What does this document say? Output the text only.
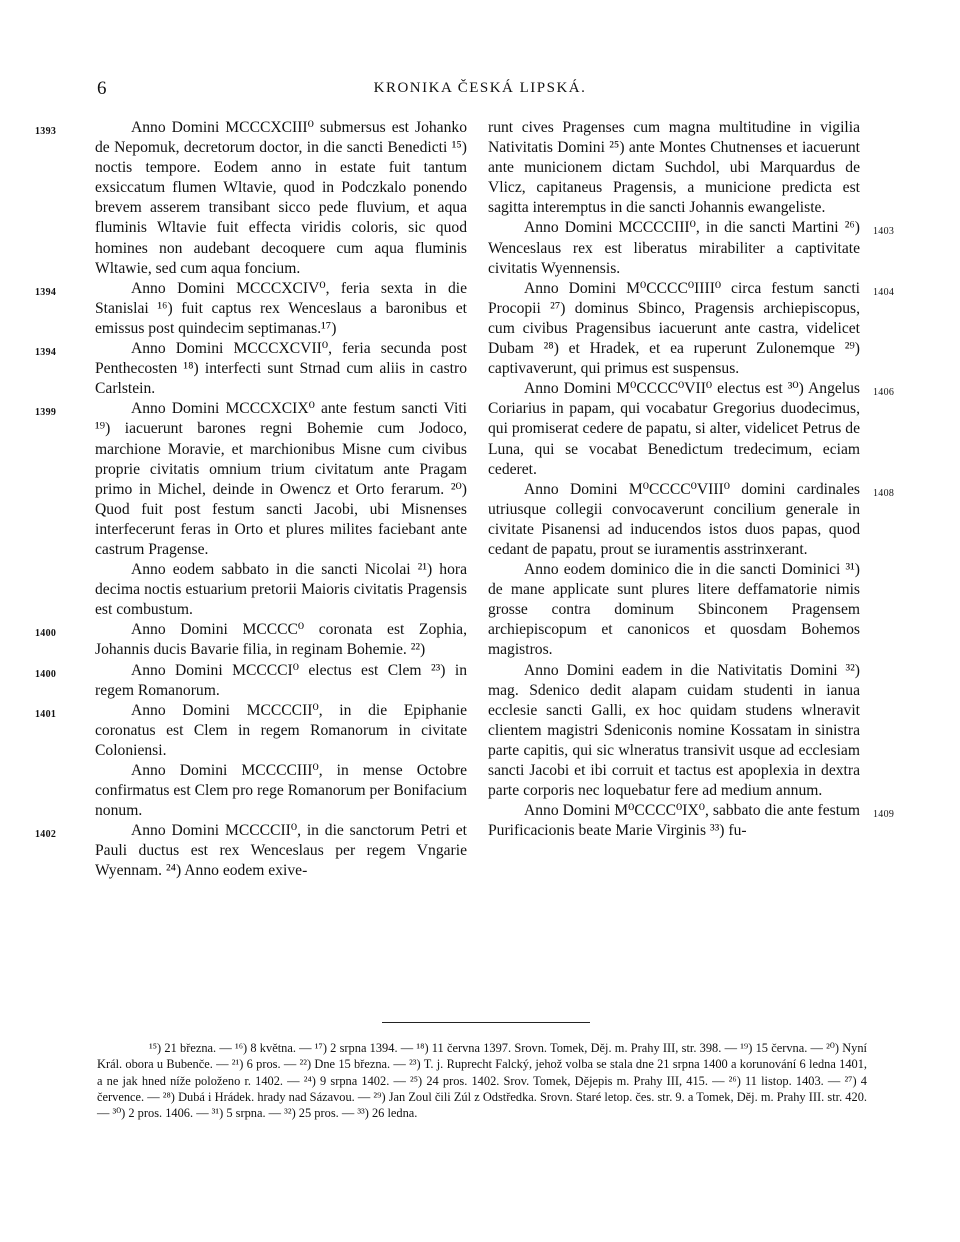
6	KRONIKA ČESKÁ LIPSKÁ.
1393	Anno Domini MCCCXCIII⁰ submersus est Johanko de Nepomuk, decretorum doctor, in die sancti Benedicti ¹⁵) noctis tempore. Eodem anno in estate fuit tantum exsiccatum flumen Wltavie, quod in Podczkalo ponendo brevem asserem transibant sicco pede fluvium, et aqua fluminis Wltavie fuit effecta viridis coloris, sic quod homines non audebant decoquere cum aqua fluminis Wltawie, sed cum aqua foncium.

1394	Anno Domini MCCCXCIV⁰, feria sexta in die Stanislai ¹⁶) fuit captus rex Wenceslaus a baronibus et emissus post quindecim septimanas.¹⁷)

1394	Anno Domini MCCCXCVII⁰, feria secunda post Penthecosten ¹⁸) interfecti sunt Strnad cum aliis in castro Carlstein.

1399	Anno Domini MCCCXCIX⁰ ante festum sancti Viti ¹⁹) iacuerunt barones regni Bohemie cum Jodoco, marchione Moravie, et marchionibus Misne cum civibus proprie civitatis omnium trium civitatum ante Pragam primo in Michel, deinde in Owencz et Orto ferarum. ²⁰) Quod fuit post festum sancti Jacobi, ubi Misnenses interfecerunt feras in Orto et plures milites faciebant ante castrum Pragense.

Anno eodem sabbato in die sancti Nicolai ²¹) hora decima noctis estuarium pretorii Maioris civitatis Pragensis est combustum.

1400	Anno Domini MCCCC⁰ coronata est Zophia, Johannis ducis Bavarie filia, in reginam Bohemie. ²²)

1400	Anno Domini MCCCCI⁰ electus est Clem ²³) in regem Romanorum.

1401	Anno Domini MCCCCII⁰, in die Epiphanie coronatus est Clem in regem Romanorum in civitate Coloniensi.

Anno Domini MCCCCIII⁰, in mense Octobre confirmatus est Clem pro rege Romanorum per Bonifacium nonum.

1402	Anno Domini MCCCCII⁰, in die sanctorum Petri et Pauli ductus est rex Wenceslaus per regem Vngarie Wyennam. ²⁴) Anno eodem exive-

runt cives Pragenses cum magna multitudine in vigilia Nativitatis Domini ²⁵) ante Montes Chutnenses et iacuerunt ante municionem dictam Suchdol, ubi Marquardus de Vlicz, capitaneus Pragensis, a municione predicta est sagitta interemptus in die sancti Johannis ewangeliste.

1403

Anno Domini MCCCCIII⁰, in die sancti Martini ²⁶) Wenceslaus rex est liberatus mirabiliter a captivitate civitatis Wyennensis.

1404

Anno Domini M⁰CCCC⁰IIII⁰ circa festum sancti Procopii ²⁷) dominus Sbinco, Pragensis archiepiscopus, cum civibus Pragensibus iacuerunt ante castra, videlicet Dubam ²⁸) et Hradek, et ea ruperunt Zulonemque ²⁹) captivaverunt, qui primus est suspensus.

1406

Anno Domini M⁰CCCC⁰VII⁰ electus est ³⁰) Angelus Coriarius in papam, qui vocabatur Gregorius duodecimus, qui promiserat cedere de papatu, si alter, videlicet Petrus de Luna, qui se vocabat Benedictum tredecimum, eciam cederet.

1408

Anno Domini M⁰CCCC⁰VIII⁰ domini cardinales utriusque collegii convocaverunt concilium generale in civitate Pisanensi ad inducendos istos duos papas, quod cedant de papatu, prout se iuramentis asstrinxerant.

Anno eodem dominico die in die sancti Dominici ³¹) de mane applicate sunt plures litere deffamatorie nimis grosse contra dominum Sbinconem Pragensem archiepiscopum et canonicos et quosdam Bohemos magistros.

Anno Domini eadem in die Nativitatis Domini ³²) mag. Sdenico dedit alapam cuidam studenti in ianua ecclesie sancti Galli, ex hoc quidam studens wlneravit clientem magistri Sdeniconis nomine Kossatam in sinistra parte capitis, qui sic wlneratus transivit usque ad ecclesiam sancti Jacobi et ibi corruit et tactus est apoplexia in dextra parte corporis nec loquebatur fere ad medium annum.

1409

Anno Domini M⁰CCCC⁰IX⁰, sabbato die ante festum Purificacionis beate Marie Virginis ³³) fu-

¹⁵) 21 března. — ¹⁶) 8 května. — ¹⁷) 2 srpna 1394. — ¹⁸) 11 června 1397. Srovn. Tomek, Děj. m. Prahy III, str. 398. — ¹⁹) 15 června. — ²⁰) Nyní Král. obora u Bubenče. — ²¹) 6 pros. — ²²) Dne 15 března. — ²³) T. j. Ruprecht Falcký, jehož volba se stala dne 21 srpna 1400 a korunování 6 ledna 1401, a ne jak hned níže položeno r. 1402. — ²⁴) 9 srpna 1402. — ²⁵) 24 pros. 1402. Srov. Tomek, Dějepis m. Prahy III, 415. — ²⁶) 11 listop. 1403. — ²⁷) 4 července. — ²⁸) Dubá i Hrádek. hrady nad Sázavou. — ²⁹) Jan Zoul čili Zúl z Odstředka. Srovn. Staré letop. čes. str. 9. a Tomek, Děj. m. Prahy III. str. 420. — ³⁰) 2 pros. 1406. — ³¹) 5 srpna. — ³²) 25 pros. — ³³) 26 ledna.
